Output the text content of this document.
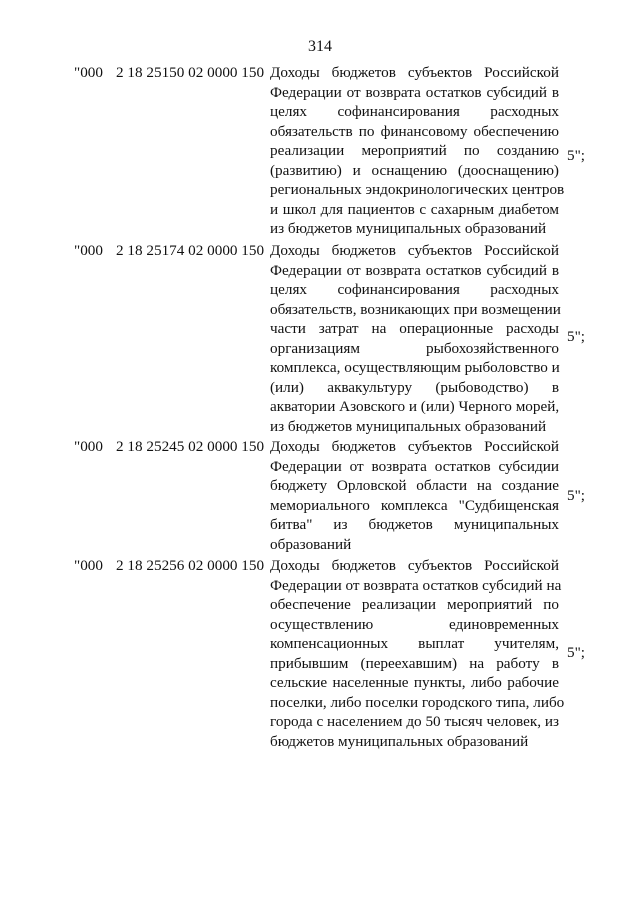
314
"000 2 18 25150 02 0000 150 Доходы бюджетов субъектов Российской
Федерации от возврата остатков субсидий в
целях софинансирования расходных
обязательств по финансовому обеспечению
реализации мероприятий по созданию
(развитию) и оснащению (дооснащению)
региональных эндокринологических центров
и школ для пациентов с сахарным диабетом
из бюджетов муниципальных образований
5";
"000 2 18 25174 02 0000 150 Доходы бюджетов субъектов Российской
Федерации от возврата остатков субсидий в
целях софинансирования расходных
обязательств, возникающих при возмещении
части затрат на операционные расходы
организациям рыбохозяйственного
комплекса, осуществляющим рыболовство и
(или) аквакультуру (рыбоводство) в
акватории Азовского и (или) Черного морей,
из бюджетов муниципальных образований
5";
"000 2 18 25245 02 0000 150 Доходы бюджетов субъектов Российской
Федерации от возврата остатков субсидии
бюджету Орловской области на создание
мемориального комплекса "Судбищенская
битва" из бюджетов муниципальных
образований
5";
"000 2 18 25256 02 0000 150 Доходы бюджетов субъектов Российской
Федерации от возврата остатков субсидий на
обеспечение реализации мероприятий по
осуществлению единовременных
компенсационных выплат учителям,
прибывшим (переехавшим) на работу в
сельские населенные пункты, либо рабочие
поселки, либо поселки городского типа, либо
города с населением до 50 тысяч человек, из
бюджетов муниципальных образований
5";
